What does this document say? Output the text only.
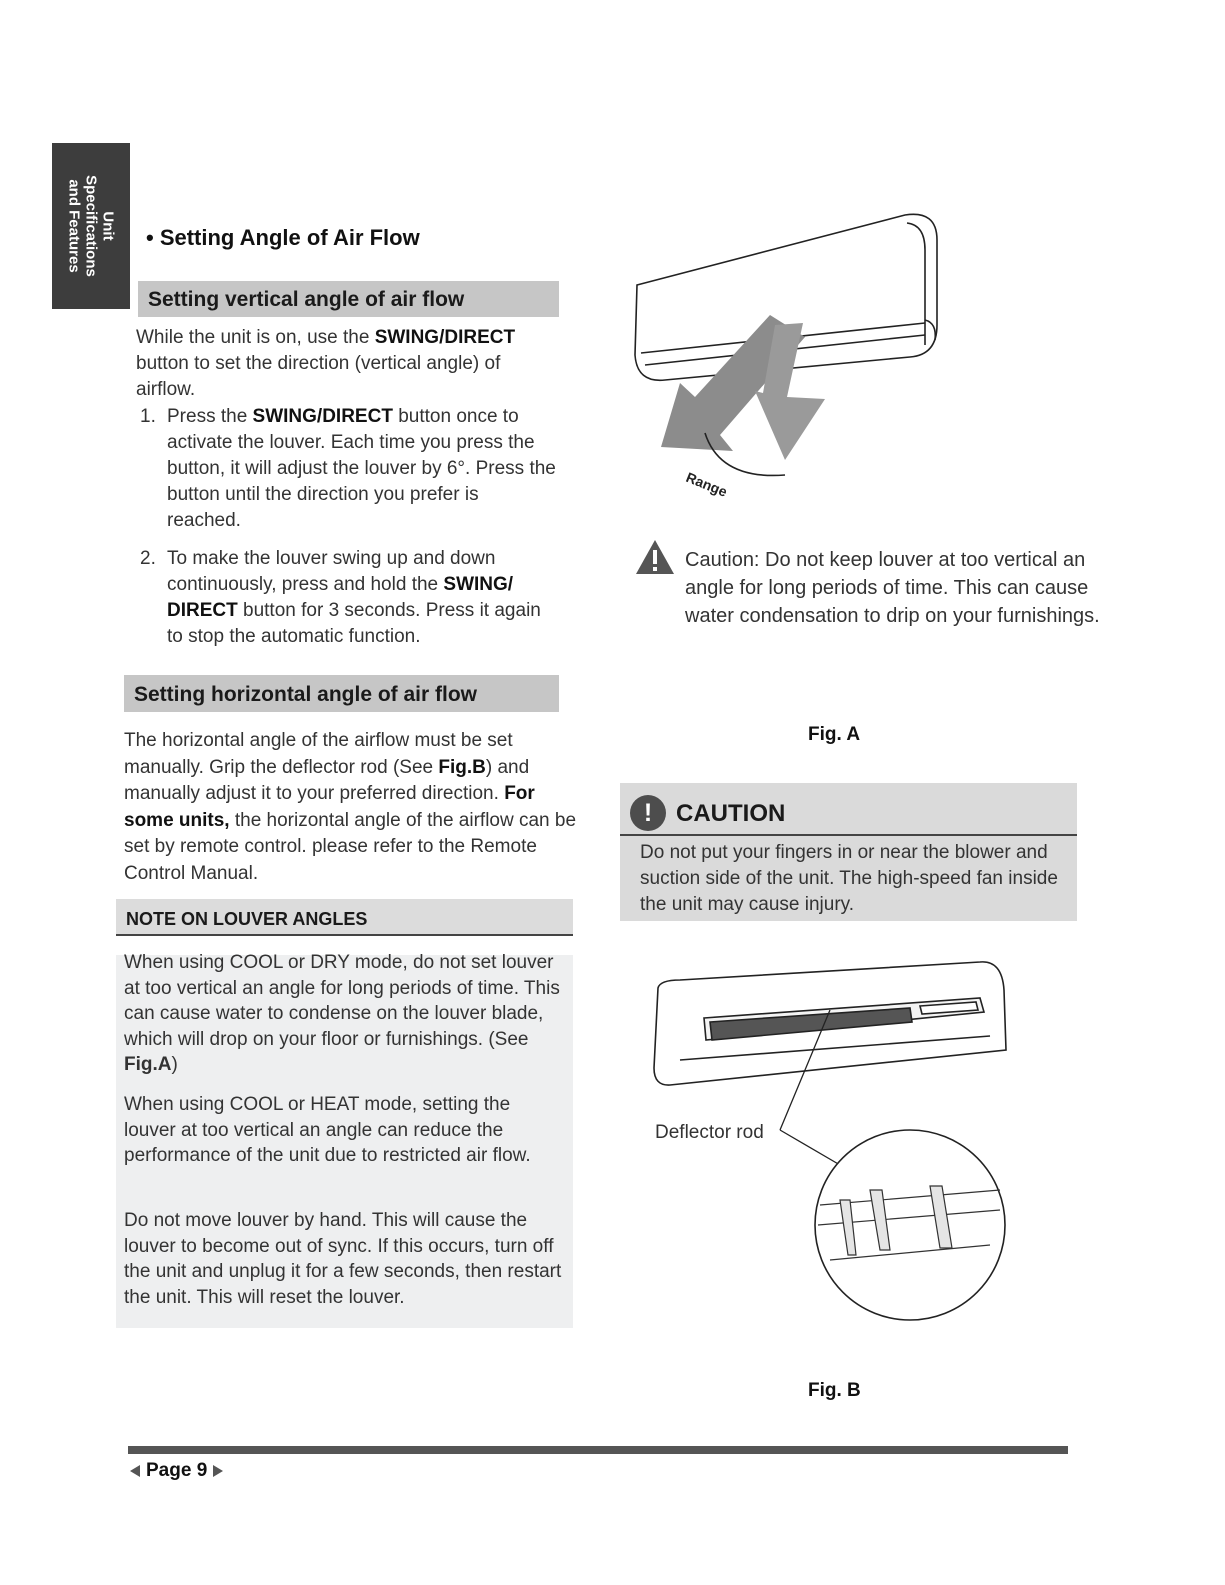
Unit
Specifications
and Features	• Setting Angle of Air Flow
Setting vertical angle of air flow
While the unit is on, use the SWING/DIRECT button to set the direction (vertical angle) of airflow.
1. Press the SWING/DIRECT button once to activate the louver. Each time you press the button, it will adjust the louver by 6°. Press the button until the direction you prefer is reached.
2. To make the louver swing up and down continuously, press and hold the SWING/ DIRECT button for 3 seconds. Press it again to stop the automatic function.
Setting horizontal angle of air flow
The horizontal angle of the airflow must be set manually. Grip the deflector rod (See Fig.B) and manually adjust it to your preferred direction. For some units, the horizontal angle of the airflow can be set by remote control. please refer to the Remote Control Manual.
NOTE ON LOUVER ANGLES
When using COOL or DRY mode, do not set louver at too vertical an angle for long periods of time. This can cause water to condense on the louver blade, which will drop on your floor or furnishings. (See Fig.A)
When using COOL or HEAT mode, setting the louver at too vertical an angle can reduce the performance of the unit due to restricted air flow.
Do not move louver by hand. This will cause the louver to become out of sync. If this occurs, turn off the unit and unplug it for a few seconds, then restart the unit. This will reset the louver.
Range
Caution: Do not keep louver at too vertical an angle for long periods of time. This can cause water condensation to drip on your furnishings.
Fig. A
! CAUTION
Do not put your fingers in or near the blower and suction side of the unit. The high-speed fan inside the unit may cause injury.
Deflector rod
Fig. B
Page 9
